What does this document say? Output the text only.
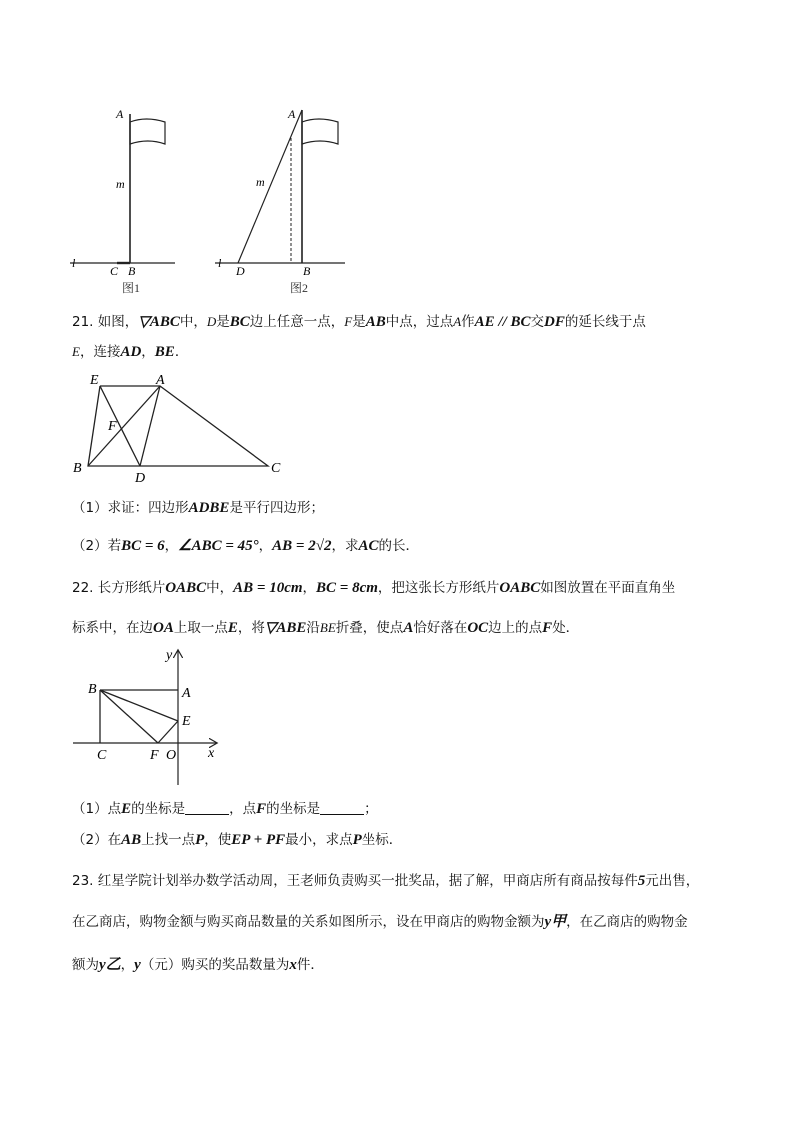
A
m
l
C B
图1
A
m
l
D	B
图2
21. 如图，▽ABC中，D是BC边上任意一点，F是AB中点，过点A作AE // BC交DF的延长线于点
E，连接AD，BE．
E	A
F
B
D
C
（1）求证：四边形ADBE是平行四边形；
（2）若BC = 6，∠ABC = 45°，AB = 2√2，求AC的长．
22. 长方形纸片OABC中，AB = 10cm，BC = 8cm，把这张长方形纸片OABC如图放置在平面直角坐
标系中，在边OA上取一点E，将▽ABE沿BE折叠，使点A恰好落在OC边上的点F处．
y
x
B	A
E
C	F O
（1）点E的坐标是	，点F的坐标是	；
（2）在AB上找一点P，使EP + PF最小，求点P坐标．
23. 红星学院计划举办数学活动周，王老师负责购买一批奖品，据了解，甲商店所有商品按每件5元出售，
在乙商店，购物金额与购买商品数量的关系如图所示，设在甲商店的购物金额为y甲，在乙商店的购物金
额为y乙，y（元）购买的奖品数量为x件．
